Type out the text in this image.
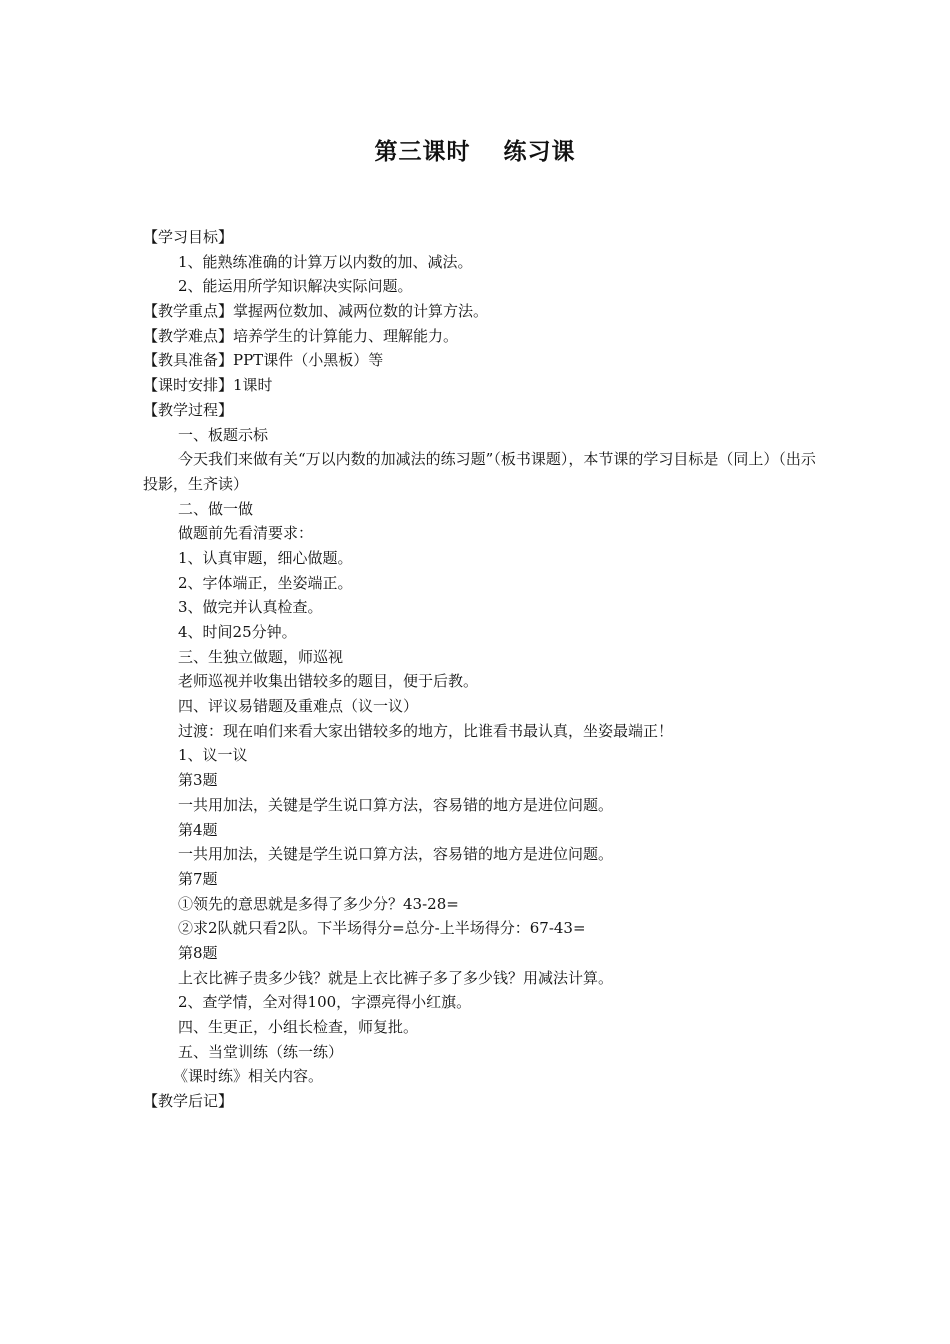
第三课时　 练习课
【学习目标】
1、能熟练准确的计算万以内数的加、减法。
2、能运用所学知识解决实际问题。
【教学重点】掌握两位数加、减两位数的计算方法。
【教学难点】培养学生的计算能力、理解能力。
【教具准备】PPT课件（小黑板）等
【课时安排】1课时
【教学过程】
一、板题示标
今天我们来做有关“万以内数的加减法的练习题”（板书课题），本节课的学习目标是（同上）（出示投影，生齐读）
二、做一做
做题前先看清要求：
1、认真审题，细心做题。
2、字体端正，坐姿端正。
3、做完并认真检查。
4、时间25分钟。
三、生独立做题，师巡视
老师巡视并收集出错较多的题目，便于后教。
四、评议易错题及重难点（议一议）
过渡：现在咱们来看大家出错较多的地方，比谁看书最认真，坐姿最端正！
1、议一议
第3题
一共用加法，关键是学生说口算方法，容易错的地方是进位问题。
第4题
一共用加法，关键是学生说口算方法，容易错的地方是进位问题。
第7题
①领先的意思就是多得了多少分？43-28=
②求2队就只看2队。下半场得分=总分-上半场得分：67-43=
第8题
上衣比裤子贵多少钱？就是上衣比裤子多了多少钱？用减法计算。
2、查学情，全对得100，字漂亮得小红旗。
四、生更正，小组长检查，师复批。
五、当堂训练（练一练）
《课时练》相关内容。
【教学后记】
